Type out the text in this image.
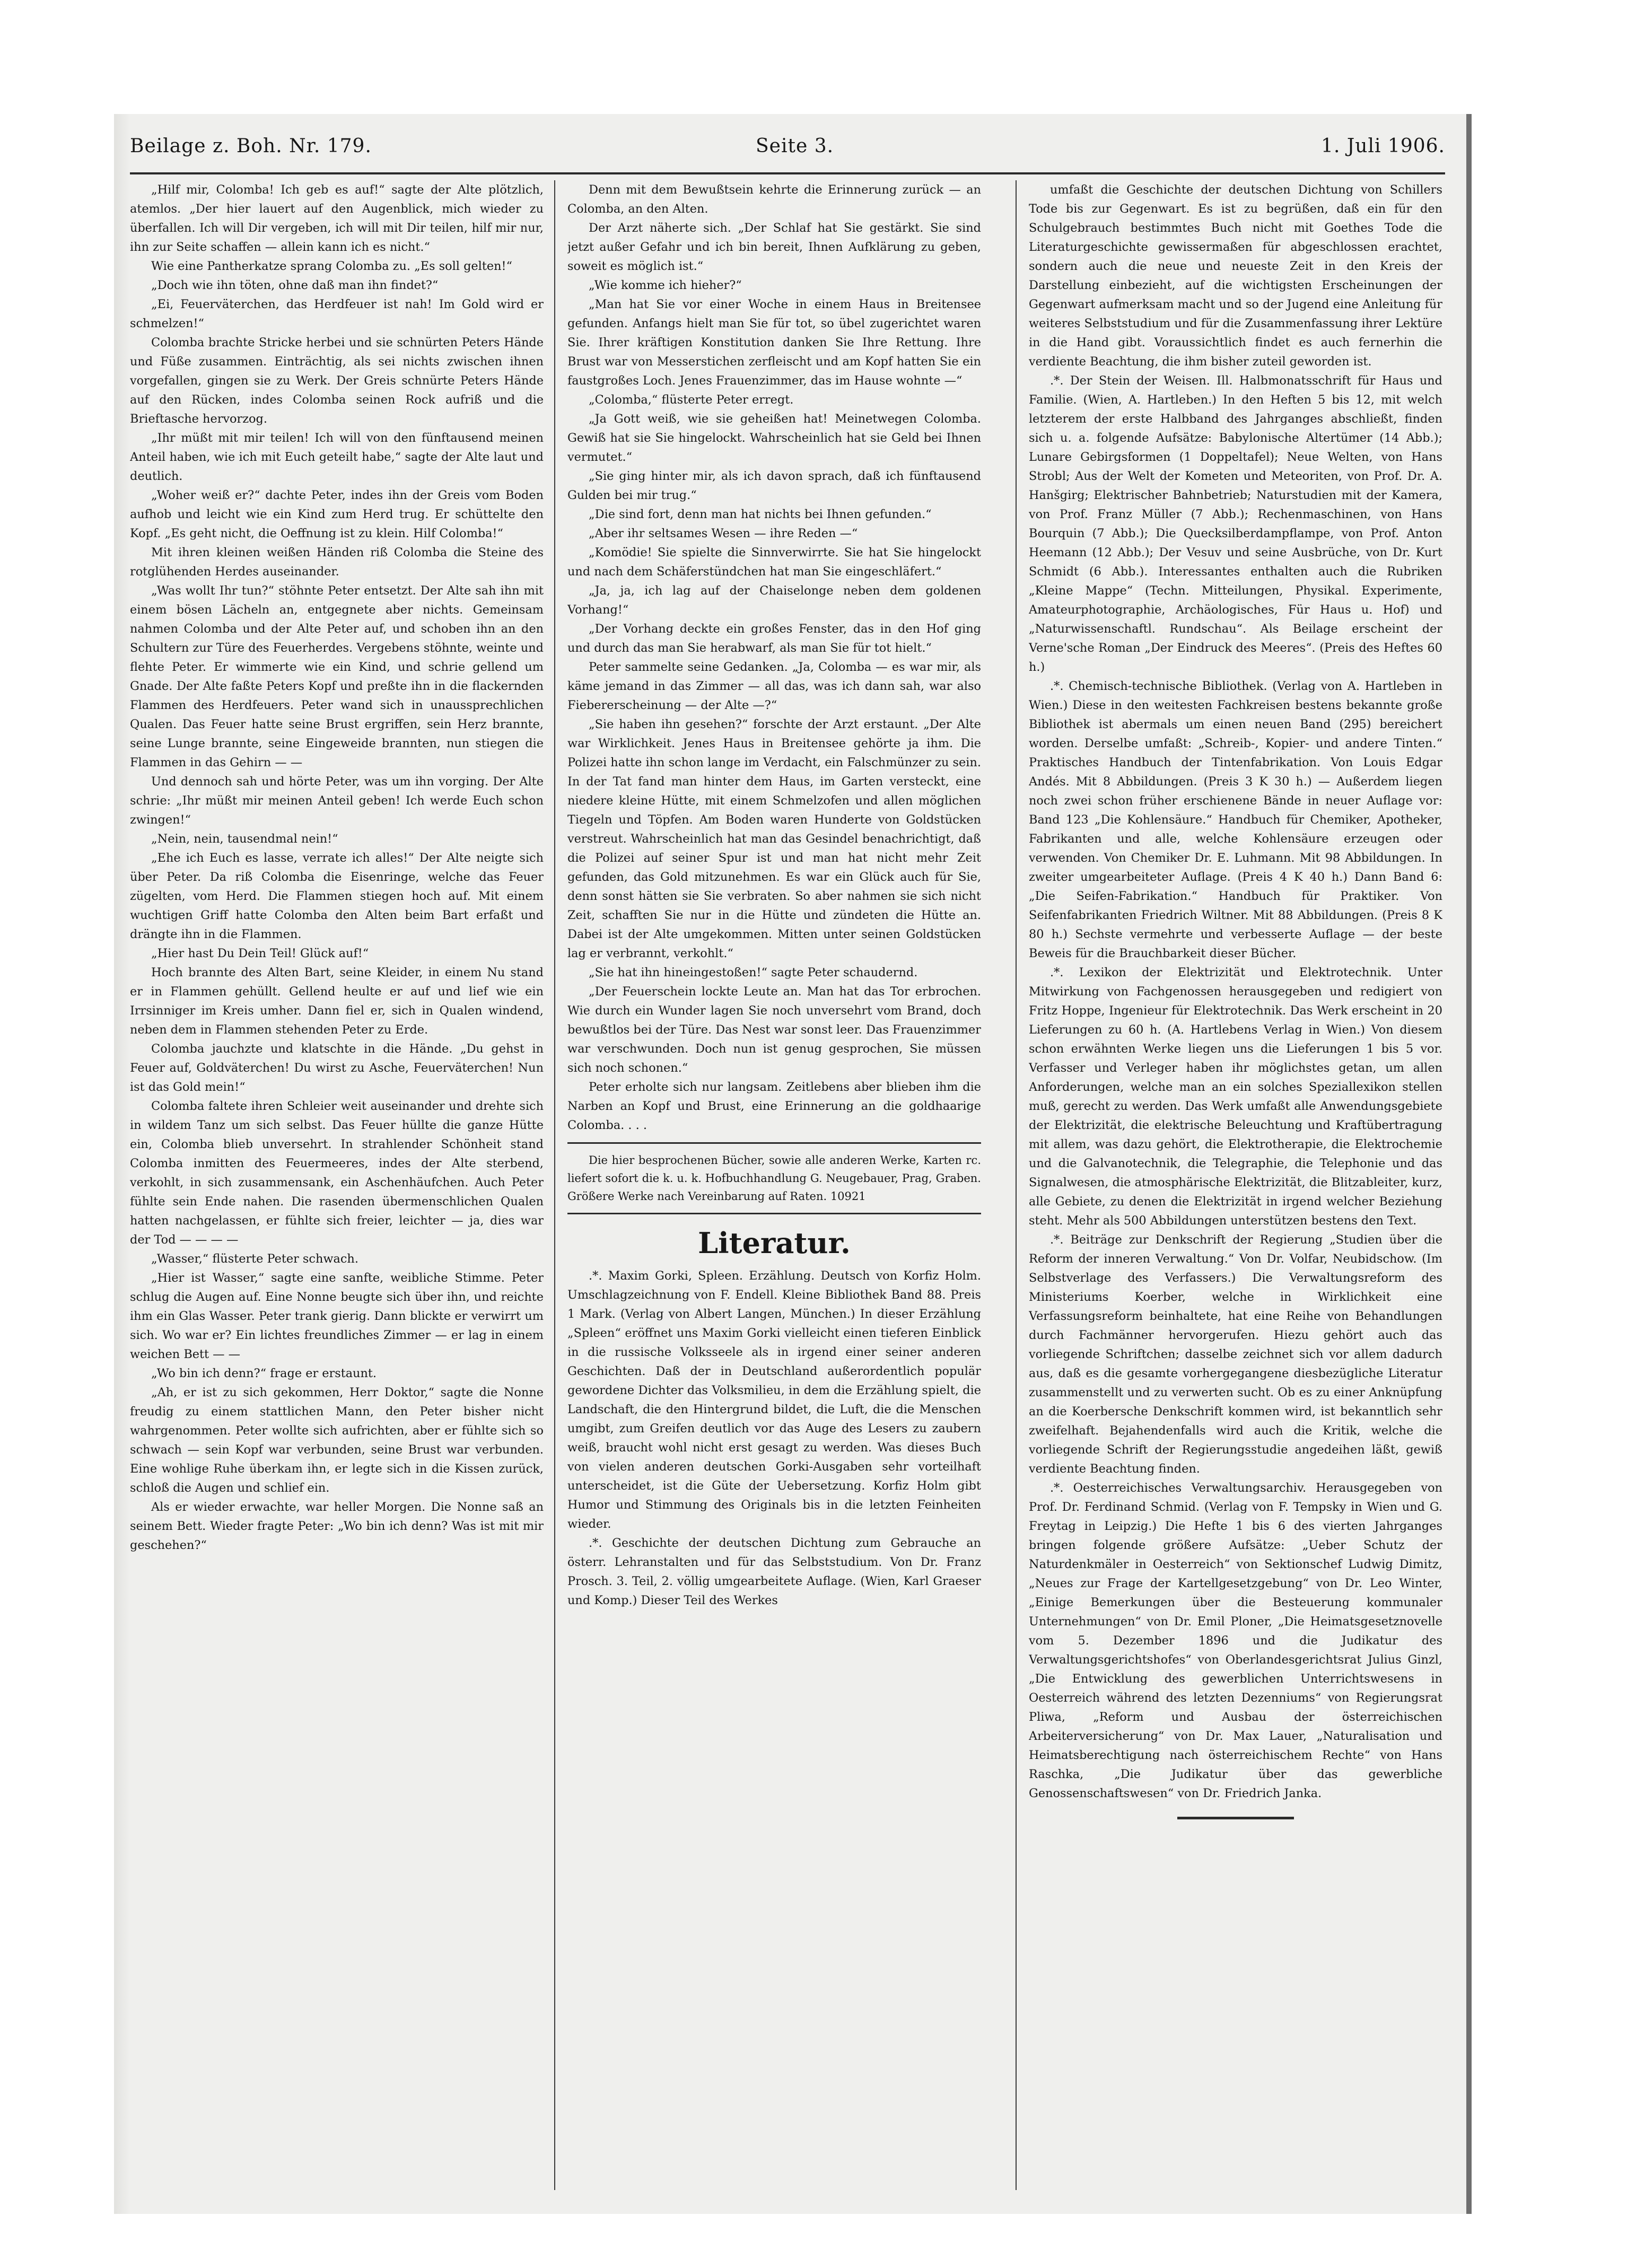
Beilage z. Boh. Nr. 179.	Seite 3.	1. Juli 1906.

„Hilf mir, Colomba! Ich geb es auf!“ sagte der Alte plötzlich, atemlos. „Der hier lauert auf den Augenblick, mich wieder zu überfallen. Ich will Dir vergeben, ich will mit Dir teilen, hilf mir nur, ihn zur Seite schaffen — allein kann ich es nicht.“

Wie eine Pantherkatze sprang Colomba zu. „Es soll gelten!“

„Doch wie ihn töten, ohne daß man ihn findet?“

„Ei, Feuerväterchen, das Herdfeuer ist nah! Im Gold wird er schmelzen!“

Colomba brachte Stricke herbei und sie schnürten Peters Hände und Füße zusammen. Einträchtig, als sei nichts zwischen ihnen vorgefallen, gingen sie zu Werk. Der Greis schnürte Peters Hände auf den Rücken, indes Colomba seinen Rock aufriß und die Brieftasche hervorzog.

„Ihr müßt mit mir teilen! Ich will von den fünftausend meinen Anteil haben, wie ich mit Euch geteilt habe,“ sagte der Alte laut und deutlich.

„Woher weiß er?“ dachte Peter, indes ihn der Greis vom Boden aufhob und leicht wie ein Kind zum Herd trug. Er schüttelte den Kopf. „Es geht nicht, die Oeffnung ist zu klein. Hilf Colomba!“

Mit ihren kleinen weißen Händen riß Colomba die Steine des rotglühenden Herdes auseinander.

„Was wollt Ihr tun?“ stöhnte Peter entsetzt. Der Alte sah ihn mit einem bösen Lächeln an, entgegnete aber nichts. Gemeinsam nahmen Colomba und der Alte Peter auf, und schoben ihn an den Schultern zur Türe des Feuerherdes. Vergebens stöhnte, weinte und flehte Peter. Er wimmerte wie ein Kind, und schrie gellend um Gnade. Der Alte faßte Peters Kopf und preßte ihn in die flackernden Flammen des Herdfeuers. Peter wand sich in unaussprechlichen Qualen. Das Feuer hatte seine Brust ergriffen, sein Herz brannte, seine Lunge brannte, seine Eingeweide brannten, nun stiegen die Flammen in das Gehirn — —

Und dennoch sah und hörte Peter, was um ihn vorging. Der Alte schrie: „Ihr müßt mir meinen Anteil geben! Ich werde Euch schon zwingen!“

„Nein, nein, tausendmal nein!“

„Ehe ich Euch es lasse, verrate ich alles!“ Der Alte neigte sich über Peter. Da riß Colomba die Eisenringe, welche das Feuer zügelten, vom Herd. Die Flammen stiegen hoch auf. Mit einem wuchtigen Griff hatte Colomba den Alten beim Bart erfaßt und drängte ihn in die Flammen.

„Hier hast Du Dein Teil! Glück auf!“

Hoch brannte des Alten Bart, seine Kleider, in einem Nu stand er in Flammen gehüllt. Gellend heulte er auf und lief wie ein Irrsinniger im Kreis umher. Dann fiel er, sich in Qualen windend, neben dem in Flammen stehenden Peter zu Erde.

Colomba jauchzte und klatschte in die Hände. „Du gehst in Feuer auf, Goldväterchen! Du wirst zu Asche, Feuerväterchen! Nun ist das Gold mein!“

Colomba faltete ihren Schleier weit auseinander und drehte sich in wildem Tanz um sich selbst. Das Feuer hüllte die ganze Hütte ein, Colomba blieb unversehrt. In strahlender Schönheit stand Colomba inmitten des Feuermeeres, indes der Alte sterbend, verkohlt, in sich zusammensank, ein Aschenhäufchen. Auch Peter fühlte sein Ende nahen. Die rasenden übermenschlichen Qualen hatten nachgelassen, er fühlte sich freier, leichter — ja, dies war der Tod — — — —

„Wasser,“ flüsterte Peter schwach.

„Hier ist Wasser,“ sagte eine sanfte, weibliche Stimme. Peter schlug die Augen auf. Eine Nonne beugte sich über ihn, und reichte ihm ein Glas Wasser. Peter trank gierig. Dann blickte er verwirrt um sich. Wo war er? Ein lichtes freundliches Zimmer — er lag in einem weichen Bett — —

„Wo bin ich denn?“ frage er erstaunt.

„Ah, er ist zu sich gekommen, Herr Doktor,“ sagte die Nonne freudig zu einem stattlichen Mann, den Peter bisher nicht wahrgenommen. Peter wollte sich aufrichten, aber er fühlte sich so schwach — sein Kopf war verbunden, seine Brust war verbunden. Eine wohlige Ruhe überkam ihn, er legte sich in die Kissen zurück, schloß die Augen und schlief ein.

Als er wieder erwachte, war heller Morgen. Die Nonne saß an seinem Bett. Wieder fragte Peter: „Wo bin ich denn? Was ist mit mir geschehen?“

Denn mit dem Bewußtsein kehrte die Erinnerung zurück — an Colomba, an den Alten.

Der Arzt näherte sich. „Der Schlaf hat Sie gestärkt. Sie sind jetzt außer Gefahr und ich bin bereit, Ihnen Aufklärung zu geben, soweit es möglich ist.“

„Wie komme ich hieher?“

„Man hat Sie vor einer Woche in einem Haus in Breitensee gefunden. Anfangs hielt man Sie für tot, so übel zugerichtet waren Sie. Ihrer kräftigen Konstitution danken Sie Ihre Rettung. Ihre Brust war von Messerstichen zerfleischt und am Kopf hatten Sie ein faustgroßes Loch. Jenes Frauenzimmer, das im Hause wohnte —“

„Colomba,“ flüsterte Peter erregt.

„Ja Gott weiß, wie sie geheißen hat! Meinetwegen Colomba. Gewiß hat sie Sie hingelockt. Wahrscheinlich hat sie Geld bei Ihnen vermutet.“

„Sie ging hinter mir, als ich davon sprach, daß ich fünftausend Gulden bei mir trug.“

„Die sind fort, denn man hat nichts bei Ihnen gefunden.“

„Aber ihr seltsames Wesen — ihre Reden —“

„Komödie! Sie spielte die Sinnverwirrte. Sie hat Sie hingelockt und nach dem Schäferstündchen hat man Sie eingeschläfert.“

„Ja, ja, ich lag auf der Chaiselonge neben dem goldenen Vorhang!“

„Der Vorhang deckte ein großes Fenster, das in den Hof ging und durch das man Sie herabwarf, als man Sie für tot hielt.“

Peter sammelte seine Gedanken. „Ja, Colomba — es war mir, als käme jemand in das Zimmer — all das, was ich dann sah, war also Fiebererscheinung — der Alte —?“

„Sie haben ihn gesehen?“ forschte der Arzt erstaunt. „Der Alte war Wirklichkeit. Jenes Haus in Breitensee gehörte ja ihm. Die Polizei hatte ihn schon lange im Verdacht, ein Falschmünzer zu sein. In der Tat fand man hinter dem Haus, im Garten versteckt, eine niedere kleine Hütte, mit einem Schmelzofen und allen möglichen Tiegeln und Töpfen. Am Boden waren Hunderte von Goldstücken verstreut. Wahrscheinlich hat man das Gesindel benachrichtigt, daß die Polizei auf seiner Spur ist und man hat nicht mehr Zeit gefunden, das Gold mitzunehmen. Es war ein Glück auch für Sie, denn sonst hätten sie Sie verbraten. So aber nahmen sie sich nicht Zeit, schafften Sie nur in die Hütte und zündeten die Hütte an. Dabei ist der Alte umgekommen. Mitten unter seinen Goldstücken lag er verbrannt, verkohlt.“

„Sie hat ihn hineingestoßen!“ sagte Peter schaudernd.

„Der Feuerschein lockte Leute an. Man hat das Tor erbrochen. Wie durch ein Wunder lagen Sie noch unversehrt vom Brand, doch bewußtlos bei der Türe. Das Nest war sonst leer. Das Frauenzimmer war verschwunden. Doch nun ist genug gesprochen, Sie müssen sich noch schonen.“

Peter erholte sich nur langsam. Zeitlebens aber blieben ihm die Narben an Kopf und Brust, eine Erinnerung an die goldhaarige Colomba. . . .

Die hier besprochenen Bücher, sowie alle anderen Werke, Karten rc. liefert sofort die k. u. k. Hofbuchhandlung G. Neugebauer, Prag, Graben. Größere Werke nach Vereinbarung auf Raten. 10921

Literatur.

.*. Maxim Gorki, Spleen. Erzählung. Deutsch von Korfiz Holm. Umschlagzeichnung von F. Endell. Kleine Bibliothek Band 88. Preis 1 Mark. (Verlag von Albert Langen, München.) In dieser Erzählung „Spleen“ eröffnet uns Maxim Gorki vielleicht einen tieferen Einblick in die russische Volksseele als in irgend einer seiner anderen Geschichten. Daß der in Deutschland außerordentlich populär gewordene Dichter das Volksmilieu, in dem die Erzählung spielt, die Landschaft, die den Hintergrund bildet, die Luft, die die Menschen umgibt, zum Greifen deutlich vor das Auge des Lesers zu zaubern weiß, braucht wohl nicht erst gesagt zu werden. Was dieses Buch von vielen anderen deutschen Gorki-Ausgaben sehr vorteilhaft unterscheidet, ist die Güte der Uebersetzung. Korfiz Holm gibt Humor und Stimmung des Originals bis in die letzten Feinheiten wieder.

.*. Geschichte der deutschen Dichtung zum Gebrauche an österr. Lehranstalten und für das Selbststudium. Von Dr. Franz Prosch. 3. Teil, 2. völlig umgearbeitete Auflage. (Wien, Karl Graeser und Komp.) Dieser Teil des Werkes

umfaßt die Geschichte der deutschen Dichtung von Schillers Tode bis zur Gegenwart. Es ist zu begrüßen, daß ein für den Schulgebrauch bestimmtes Buch nicht mit Goethes Tode die Literaturgeschichte gewissermaßen für abgeschlossen erachtet, sondern auch die neue und neueste Zeit in den Kreis der Darstellung einbezieht, auf die wichtigsten Erscheinungen der Gegenwart aufmerksam macht und so der Jugend eine Anleitung für weiteres Selbststudium und für die Zusammenfassung ihrer Lektüre in die Hand gibt. Voraussichtlich findet es auch fernerhin die verdiente Beachtung, die ihm bisher zuteil geworden ist.

.*. Der Stein der Weisen. Ill. Halbmonatsschrift für Haus und Familie. (Wien, A. Hartleben.) In den Heften 5 bis 12, mit welch letzterem der erste Halbband des Jahrganges abschließt, finden sich u. a. folgende Aufsätze: Babylonische Altertümer (14 Abb.); Lunare Gebirgsformen (1 Doppeltafel); Neue Welten, von Hans Strobl; Aus der Welt der Kometen und Meteoriten, von Prof. Dr. A. Hanšgirg; Elektrischer Bahnbetrieb; Naturstudien mit der Kamera, von Prof. Franz Müller (7 Abb.); Rechenmaschinen, von Hans Bourquin (7 Abb.); Die Quecksilberdampflampe, von Prof. Anton Heemann (12 Abb.); Der Vesuv und seine Ausbrüche, von Dr. Kurt Schmidt (6 Abb.). Interessantes enthalten auch die Rubriken „Kleine Mappe“ (Techn. Mitteilungen, Physikal. Experimente, Amateurphotographie, Archäologisches, Für Haus u. Hof) und „Naturwissenschaftl. Rundschau“. Als Beilage erscheint der Verne'sche Roman „Der Eindruck des Meeres“. (Preis des Heftes 60 h.)

.*. Chemisch-technische Bibliothek. (Verlag von A. Hartleben in Wien.) Diese in den weitesten Fachkreisen bestens bekannte große Bibliothek ist abermals um einen neuen Band (295) bereichert worden. Derselbe umfaßt: „Schreib-, Kopier- und andere Tinten.“ Praktisches Handbuch der Tintenfabrikation. Von Louis Edgar Andés. Mit 8 Abbildungen. (Preis 3 K 30 h.) — Außerdem liegen noch zwei schon früher erschienene Bände in neuer Auflage vor: Band 123 „Die Kohlensäure.“ Handbuch für Chemiker, Apotheker, Fabrikanten und alle, welche Kohlensäure erzeugen oder verwenden. Von Chemiker Dr. E. Luhmann. Mit 98 Abbildungen. In zweiter umgearbeiteter Auflage. (Preis 4 K 40 h.) Dann Band 6: „Die Seifen-Fabrikation.“ Handbuch für Praktiker. Von Seifenfabrikanten Friedrich Wiltner. Mit 88 Abbildungen. (Preis 8 K 80 h.) Sechste vermehrte und verbesserte Auflage — der beste Beweis für die Brauchbarkeit dieser Bücher.

.*. Lexikon der Elektrizität und Elektrotechnik. Unter Mitwirkung von Fachgenossen herausgegeben und redigiert von Fritz Hoppe, Ingenieur für Elektrotechnik. Das Werk erscheint in 20 Lieferungen zu 60 h. (A. Hartlebens Verlag in Wien.) Von diesem schon erwähnten Werke liegen uns die Lieferungen 1 bis 5 vor. Verfasser und Verleger haben ihr möglichstes getan, um allen Anforderungen, welche man an ein solches Speziallexikon stellen muß, gerecht zu werden. Das Werk umfaßt alle Anwendungsgebiete der Elektrizität, die elektrische Beleuchtung und Kraftübertragung mit allem, was dazu gehört, die Elektrotherapie, die Elektrochemie und die Galvanotechnik, die Telegraphie, die Telephonie und das Signalwesen, die atmosphärische Elektrizität, die Blitzableiter, kurz, alle Gebiete, zu denen die Elektrizität in irgend welcher Beziehung steht. Mehr als 500 Abbildungen unterstützen bestens den Text.

.*. Beiträge zur Denkschrift der Regierung „Studien über die Reform der inneren Verwaltung.“ Von Dr. Volfar, Neubidschow. (Im Selbstverlage des Verfassers.) Die Verwaltungsreform des Ministeriums Koerber, welche in Wirklichkeit eine Verfassungsreform beinhaltete, hat eine Reihe von Behandlungen durch Fachmänner hervorgerufen. Hiezu gehört auch das vorliegende Schriftchen; dasselbe zeichnet sich vor allem dadurch aus, daß es die gesamte vorhergegangene diesbezügliche Literatur zusammenstellt und zu verwerten sucht. Ob es zu einer Anknüpfung an die Koerbersche Denkschrift kommen wird, ist bekanntlich sehr zweifelhaft. Bejahendenfalls wird auch die Kritik, welche die vorliegende Schrift der Regierungsstudie angedeihen läßt, gewiß verdiente Beachtung finden.

.*. Oesterreichisches Verwaltungsarchiv. Herausgegeben von Prof. Dr. Ferdinand Schmid. (Verlag von F. Tempsky in Wien und G. Freytag in Leipzig.) Die Hefte 1 bis 6 des vierten Jahrganges bringen folgende größere Aufsätze: „Ueber Schutz der Naturdenkmäler in Oesterreich“ von Sektionschef Ludwig Dimitz, „Neues zur Frage der Kartellgesetzgebung“ von Dr. Leo Winter, „Einige Bemerkungen über die Besteuerung kommunaler Unternehmungen“ von Dr. Emil Ploner, „Die Heimatsgesetznovelle vom 5. Dezember 1896 und die Judikatur des Verwaltungsgerichtshofes“ von Oberlandesgerichtsrat Julius Ginzl, „Die Entwicklung des gewerblichen Unterrichtswesens in Oesterreich während des letzten Dezenniums“ von Regierungsrat Pliwa, „Reform und Ausbau der österreichischen Arbeiterversicherung“ von Dr. Max Lauer, „Naturalisation und Heimatsberechtigung nach österreichischem Rechte“ von Hans Raschka, „Die Judikatur über das gewerbliche Genossenschaftswesen“ von Dr. Friedrich Janka.
